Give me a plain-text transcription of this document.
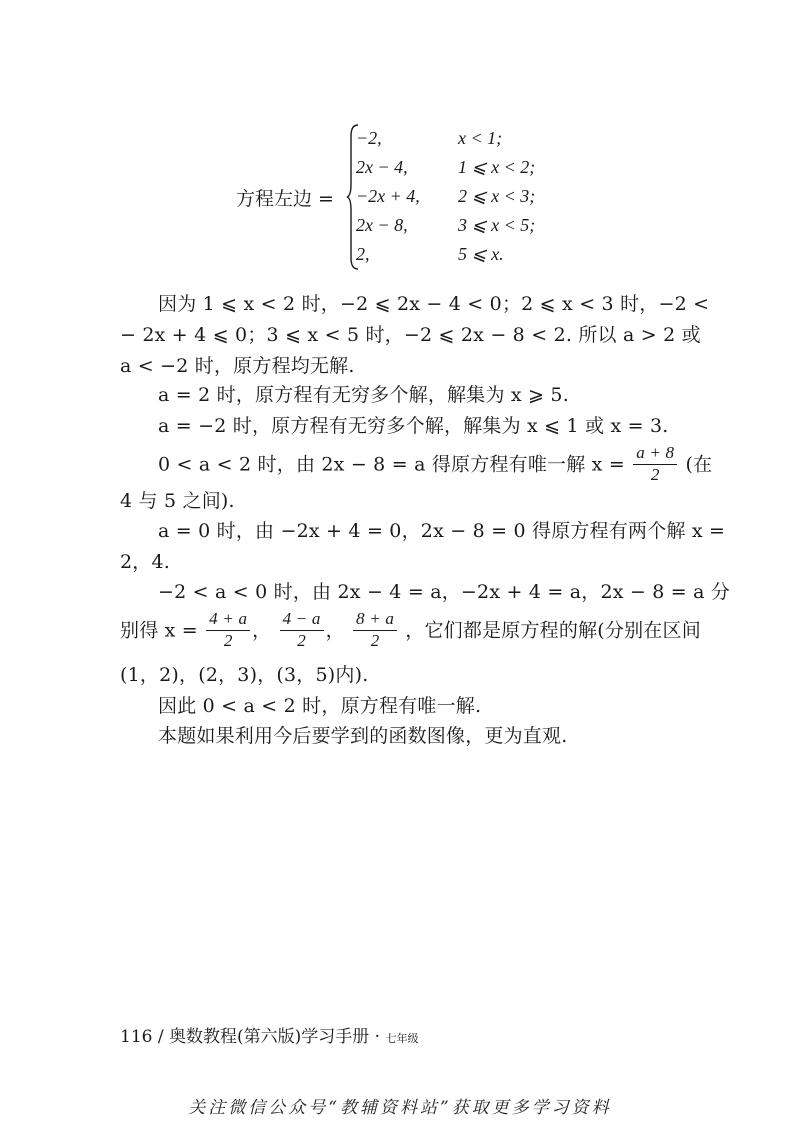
方程左边 =
−2,	x < 1;
2x − 4,	1 ⩽ x < 2;
−2x + 4, 2 ⩽ x < 3;
2x − 8,	3 ⩽ x < 5;
2,	5 ⩽ x.
因为 1 ⩽ x < 2 时，−2 ⩽ 2x − 4 < 0；2 ⩽ x < 3 时，−2 <
− 2x + 4 ⩽ 0；3 ⩽ x < 5 时，−2 ⩽ 2x − 8 < 2. 所以 a > 2 或
a < −2 时，原方程均无解.
a = 2 时，原方程有无穷多个解，解集为 x ⩾ 5.
a = −2 时，原方程有无穷多个解，解集为 x ⩽ 1 或 x = 3.
0 < a < 2 时，由 2x − 8 = a 得原方程有唯一解 $x = \frac{a + 8}{2}$ (在
4 与 5 之间).
a = 0 时，由 −2x + 4 = 0，2x − 8 = 0 得原方程有两个解 x =
2，4.
−2 < a < 0 时，由 2x − 4 = a，−2x + 4 = a，2x − 8 = a 分
别得 $x = \frac{4 + a}{2}$ ， $\frac{4 - a}{2}$ ， $\frac{8 + a}{2}$ ，它们都是原方程的解(分别在区间
(1，2)，(2，3)，(3，5)内).
因此 0 < a < 2 时，原方程有唯一解.
本题如果利用今后要学到的函数图像，更为直观.
116 / 奥数教程(第六版)学习手册 · 七年级
关注微信公众号“教辅资料站”获取更多学习资料
